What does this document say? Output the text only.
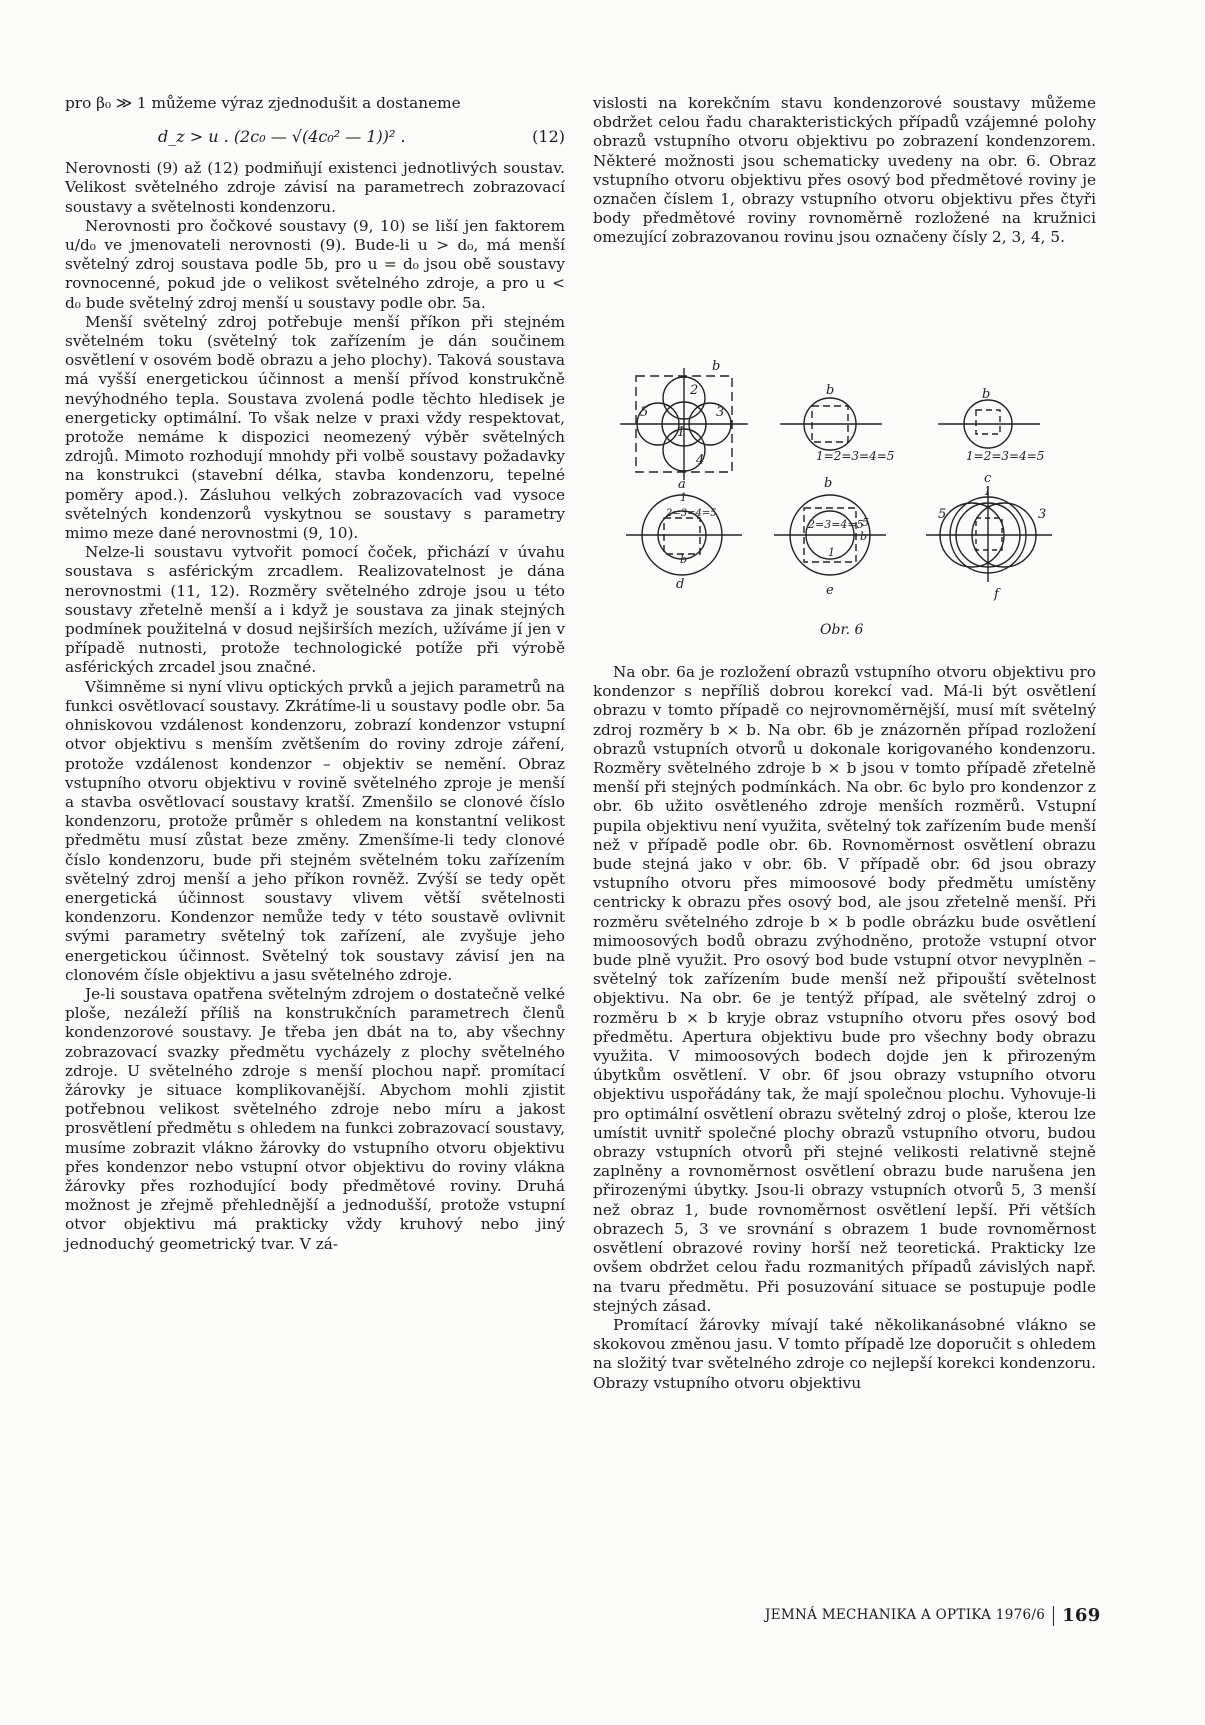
pro β₀ ≫ 1 můžeme výraz zjednodušit a dostaneme

d_z > u . (2c₀ — √(4c₀² — 1))² .	(12)

Nerovnosti (9) až (12) podmiňují existenci jednotlivých soustav. Velikost světelného zdroje závisí na parametrech zobrazovací soustavy a světelnosti kondenzoru.

Nerovnosti pro čočkové soustavy (9, 10) se liší jen faktorem u/d₀ ve jmenovateli nerovnosti (9). Bude-li u > d₀, má menší světelný zdroj soustava podle 5b, pro u = d₀ jsou obě soustavy rovnocenné, pokud jde o velikost světelného zdroje, a pro u < d₀ bude světelný zdroj menší u soustavy podle obr. 5a.

Menší světelný zdroj potřebuje menší příkon při stejném světelném toku (světelný tok zařízením je dán součinem osvětlení v osovém bodě obrazu a jeho plochy). Taková soustava má vyšší energetickou účinnost a menší přívod konstrukčně nevýhodného tepla. Soustava zvolená podle těchto hledisek je energeticky optimální. To však nelze v praxi vždy respektovat, protože nemáme k dispozici neomezený výběr světelných zdrojů. Mimoto rozhodují mnohdy při volbě soustavy požadavky na konstrukci (stavební délka, stavba kondenzoru, tepelné poměry apod.). Zásluhou velkých zobrazovacích vad vysoce světelných kondenzorů vyskytnou se soustavy s parametry mimo meze dané nerovnostmi (9, 10).

Nelze-li soustavu vytvořit pomocí čoček, přichází v úvahu soustava s asférickým zrcadlem. Realizovatelnost je dána nerovnostmi (11, 12). Rozměry světelného zdroje jsou u této soustavy zřetelně menší a i když je soustava za jinak stejných podmínek použitelná v dosud nejširších mezích, užíváme jí jen v případě nutnosti, protože technologické potíže při výrobě asférických zrcadel jsou značné.

Všimněme si nyní vlivu optických prvků a jejich parametrů na funkci osvětlovací soustavy. Zkrátíme-li u soustavy podle obr. 5a ohniskovou vzdálenost kondenzoru, zobrazí kondenzor vstupní otvor objektivu s menším zvětšením do roviny zdroje záření, protože vzdálenost kondenzor – objektiv se nemění. Obraz vstupního otvoru objektivu v rovině světelného zproje je menší a stavba osvětlovací soustavy kratší. Zmenšilo se clonové číslo kondenzoru, protože průměr s ohledem na konstantní velikost předmětu musí zůstat beze změny. Zmenšíme-li tedy clonové číslo kondenzoru, bude při stejném světelném toku zařízením světelný zdroj menší a jeho příkon rovněž. Zvýší se tedy opět energetická účinnost soustavy vlivem větší světelnosti kondenzoru. Kondenzor nemůže tedy v této soustavě ovlivnit svými parametry světelný tok zařízení, ale zvyšuje jeho energetickou účinnost. Světelný tok soustavy závisí jen na clonovém čísle objektivu a jasu světelného zdroje.

Je-li soustava opatřena světelným zdrojem o dostatečně velké ploše, nezáleží příliš na konstrukčních parametrech členů kondenzorové soustavy. Je třeba jen dbát na to, aby všechny zobrazovací svazky předmětu vycházely z plochy světelného zdroje. U světelného zdroje s menší plochou např. promítací žárovky je situace komplikovanější. Abychom mohli zjistit potřebnou velikost světelného zdroje nebo míru a jakost prosvětlení předmětu s ohledem na funkci zobrazovací soustavy, musíme zobrazit vlákno žárovky do vstupního otvoru objektivu přes kondenzor nebo vstupní otvor objektivu do roviny vlákna žárovky přes rozhodující body předmětové roviny. Druhá možnost je zřejmě přehlednější a jednodušší, protože vstupní otvor objektivu má prakticky vždy kruhový nebo jiný jednoduchý geometrický tvar. V zá-

vislosti na korekčním stavu kondenzorové soustavy můžeme obdržet celou řadu charakteristických případů vzájemné polohy obrazů vstupního otvoru objektivu po zobrazení kondenzorem. Některé možnosti jsou schematicky uvedeny na obr. 6. Obraz vstupního otvoru objektivu přes osový bod předmětové roviny je označen číslem 1, obrazy vstupního otvoru objektivu přes čtyři body předmětové roviny rovnoměrně rozložené na kružnici omezující zobrazovanou rovinu jsou označeny čísly 2, 3, 4, 5.

b
2
3
5
1
4
b
1=2=3=4=5
b
1=2=3=4=5
a
1
2=3=4=5
b
d
b
2=3=4=5
5
b
1
e
c
1
5	3
f
Obr. 6

Na obr. 6a je rozložení obrazů vstupního otvoru objektivu pro kondenzor s nepříliš dobrou korekcí vad. Má-li být osvětlení obrazu v tomto případě co nejrovnoměrnější, musí mít světelný zdroj rozměry b × b. Na obr. 6b je znázorněn případ rozložení obrazů vstupních otvorů u dokonale korigovaného kondenzoru. Rozměry světelného zdroje b × b jsou v tomto případě zřetelně menší při stejných podmínkách. Na obr. 6c bylo pro kondenzor z obr. 6b užito osvětleného zdroje menších rozměrů. Vstupní pupila objektivu není využita, světelný tok zařízením bude menší než v případě podle obr. 6b. Rovnoměrnost osvětlení obrazu bude stejná jako v obr. 6b. V případě obr. 6d jsou obrazy vstupního otvoru přes mimoosové body předmětu umístěny centricky k obrazu přes osový bod, ale jsou zřetelně menší. Při rozměru světelného zdroje b × b podle obrázku bude osvětlení mimoosových bodů obrazu zvýhodněno, protože vstupní otvor bude plně využit. Pro osový bod bude vstupní otvor nevyplněn – světelný tok zařízením bude menší než připouští světelnost objektivu. Na obr. 6e je tentýž případ, ale světelný zdroj o rozměru b × b kryje obraz vstupního otvoru přes osový bod předmětu. Apertura objektivu bude pro všechny body obrazu využita. V mimoosových bodech dojde jen k přirozeným úbytkům osvětlení. V obr. 6f jsou obrazy vstupního otvoru objektivu uspořádány tak, že mají společnou plochu. Vyhovuje-li pro optimální osvětlení obrazu světelný zdroj o ploše, kterou lze umístit uvnitř společné plochy obrazů vstupního otvoru, budou obrazy vstupních otvorů při stejné velikosti relativně stejně zaplněny a rovnoměrnost osvětlení obrazu bude narušena jen přirozenými úbytky. Jsou-li obrazy vstupních otvorů 5, 3 menší než obraz 1, bude rovnoměrnost osvětlení lepší. Při větších obrazech 5, 3 ve srovnání s obrazem 1 bude rovnoměrnost osvětlení obrazové roviny horší než teoretická. Prakticky lze ovšem obdržet celou řadu rozmanitých případů závislých např. na tvaru předmětu. Při posuzování situace se postupuje podle stejných zásad.

Promítací žárovky mívají také několikanásobné vlákno se skokovou změnou jasu. V tomto případě lze doporučit s ohledem na složitý tvar světelného zdroje co nejlepší korekci kondenzoru. Obrazy vstupního otvoru objektivu

JEMNÁ MECHANIKA A OPTIKA 1976/6 169
